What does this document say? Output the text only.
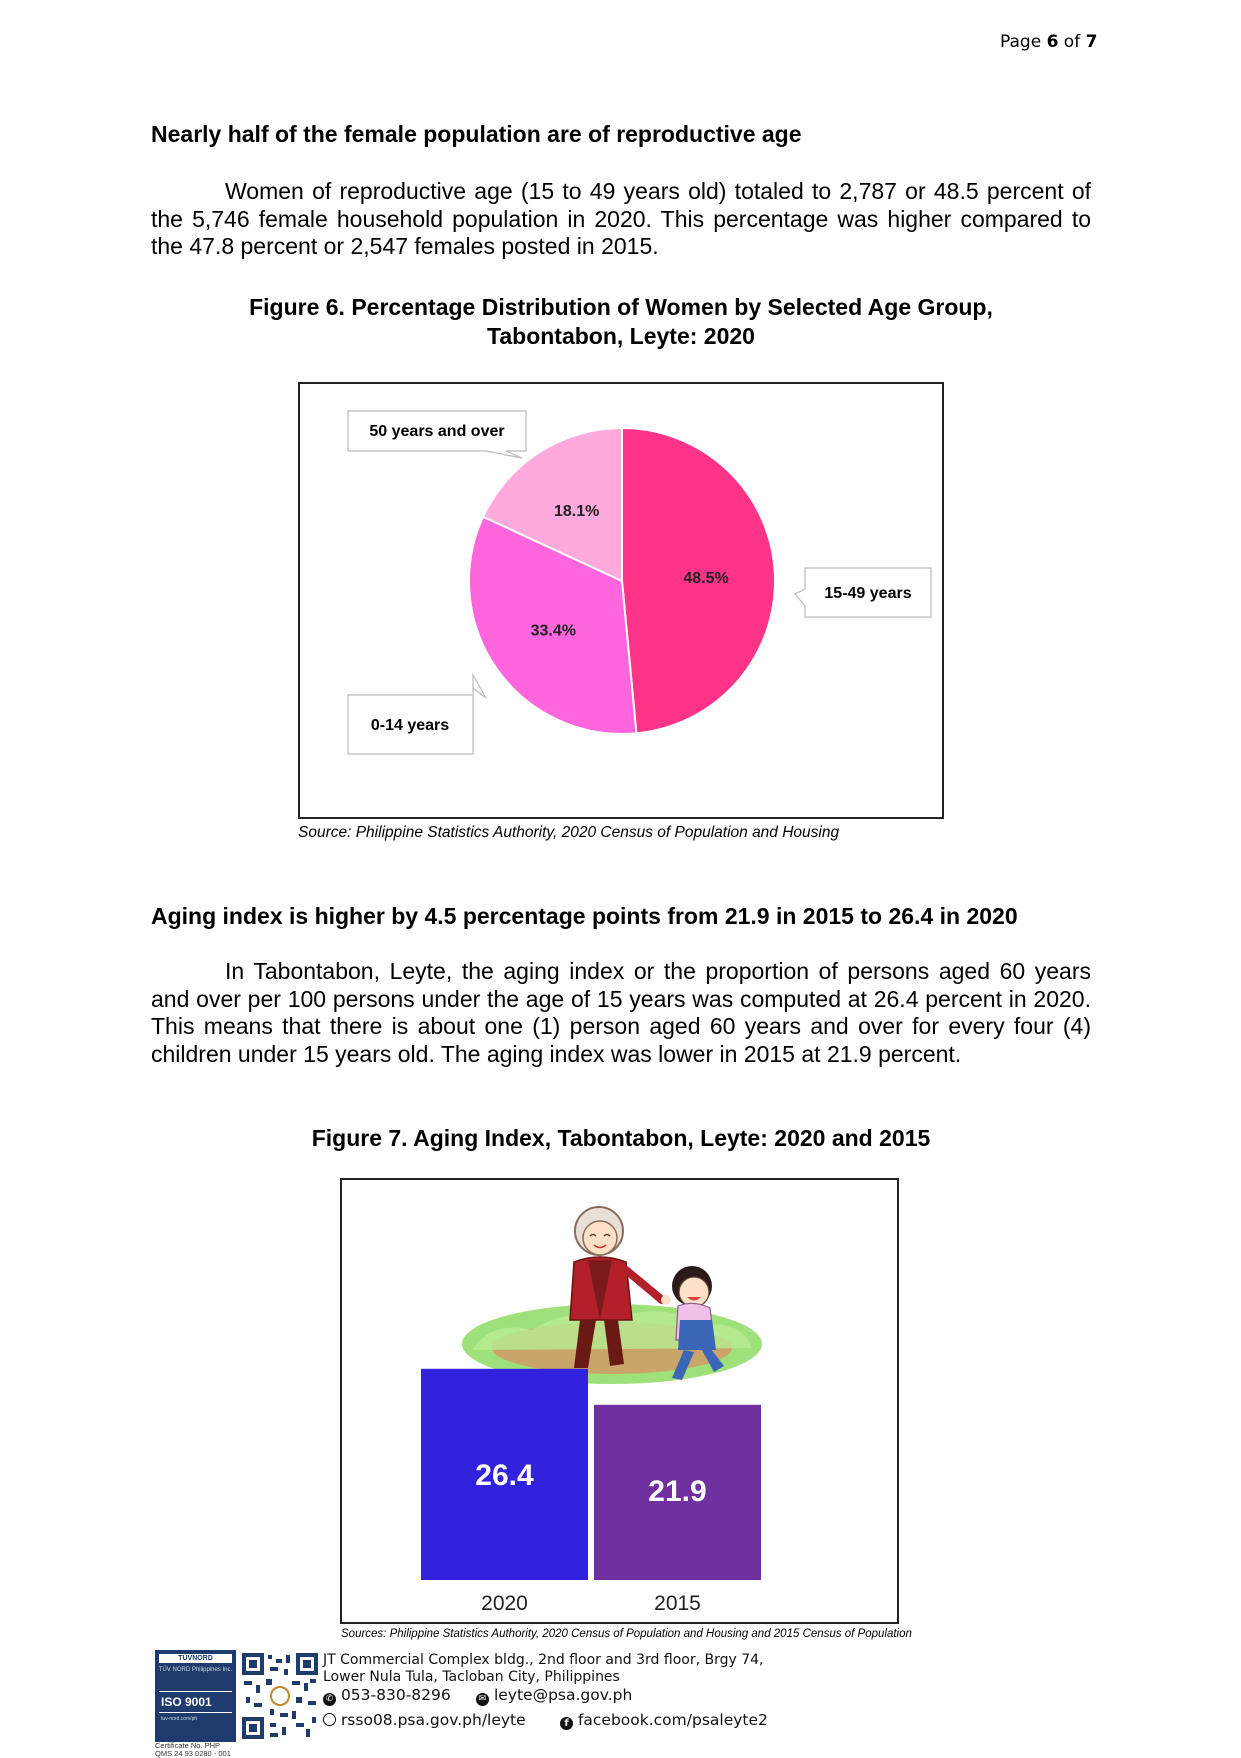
Page 6 of 7
Nearly half of the female population are of reproductive age

Women of reproductive age (15 to 49 years old) totaled to 2,787 or 48.5 percent of the 5,746 female household population in 2020. This percentage was higher compared to the 47.8 percent or 2,547 females posted in 2015.

Figure 6. Percentage Distribution of Women by Selected Age Group,
Tabontabon, Leyte: 2020
48.5%
33.4%
18.1%
50 years and over
15-49 years
0-14 years
Source: Philippine Statistics Authority, 2020 Census of Population and Housing
Aging index is higher by 4.5 percentage points from 21.9 in 2015 to 26.4 in 2020

In Tabontabon, Leyte, the aging index or the proportion of persons aged 60 years and over per 100 persons under the age of 15 years was computed at 26.4 percent in 2020. This means that there is about one (1) person aged 60 years and over for every four (4) children under 15 years old. The aging index was lower in 2015 at 21.9 percent.

Figure 7. Aging Index, Tabontabon, Leyte: 2020 and 2015
26.4
2020
21.9
2015
Sources: Philippine Statistics Authority, 2020 Census of Population and Housing and 2015 Census of Population
TÜVNORD
TÜV NORD Philippines Inc.
ISO 9001
tuv-nord.com/ph
Certificate No. PHP
QMS 24 93 0280 - 001
JT Commercial Complex bldg., 2nd floor and 3rd floor, Brgy 74,
Lower Nula Tula, Tacloban City, Philippines
✆ 053-830-8296	✉ leyte@psa.gov.ph
rsso08.psa.gov.ph/leyte	f facebook.com/psaleyte2
